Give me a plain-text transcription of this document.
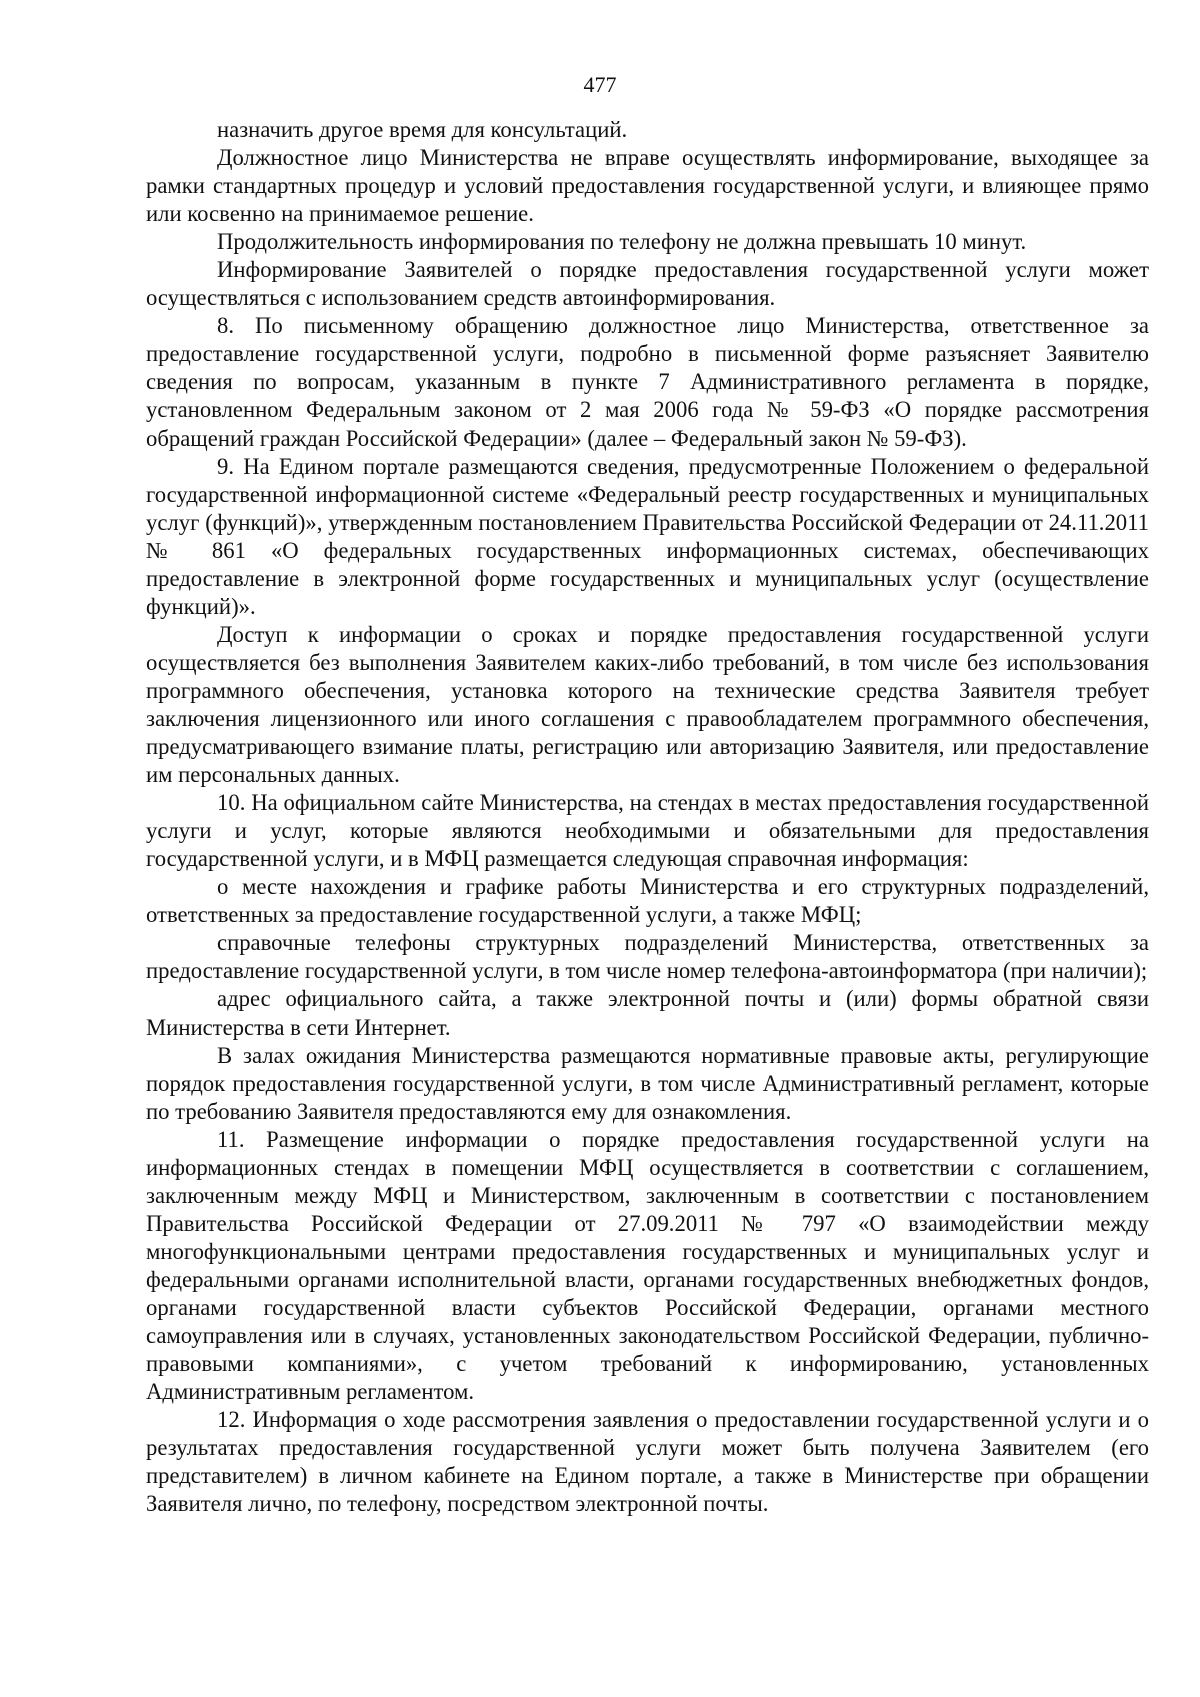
477

назначить другое время для консультаций.

Должностное лицо Министерства не вправе осуществлять информирование, выходящее за рамки стандартных процедур и условий предоставления государственной услуги, и влияющее прямо или косвенно на принимаемое решение.

Продолжительность информирования по телефону не должна превышать 10 минут.

Информирование Заявителей о порядке предоставления государственной услуги может осуществляться с использованием средств автоинформирования.

8. По письменному обращению должностное лицо Министерства, ответственное за предоставление государственной услуги, подробно в письменной форме разъясняет Заявителю сведения по вопросам, указанным в пункте 7 Административного регламента в порядке, установленном Федеральным законом от 2 мая 2006 года № 59-ФЗ «О порядке рассмотрения обращений граждан Российской Федерации» (далее – Федеральный закон № 59-ФЗ).

9. На Едином портале размещаются сведения, предусмотренные Положением о федеральной государственной информационной системе «Федеральный реестр государственных и муниципальных услуг (функций)», утвержденным постановлением Правительства Российской Федерации от 24.11.2011 № 861 «О федеральных государственных информационных системах, обеспечивающих предоставление в электронной форме государственных и муниципальных услуг (осуществление функций)».

Доступ к информации о сроках и порядке предоставления государственной услуги осуществляется без выполнения Заявителем каких-либо требований, в том числе без использования программного обеспечения, установка которого на технические средства Заявителя требует заключения лицензионного или иного соглашения с правообладателем программного обеспечения, предусматривающего взимание платы, регистрацию или авторизацию Заявителя, или предоставление им персональных данных.

10. На официальном сайте Министерства, на стендах в местах предоставления государственной услуги и услуг, которые являются необходимыми и обязательными для предоставления государственной услуги, и в МФЦ размещается следующая справочная информация:

о месте нахождения и графике работы Министерства и его структурных подразделений, ответственных за предоставление государственной услуги, а также МФЦ;

справочные телефоны структурных подразделений Министерства, ответственных за предоставление государственной услуги, в том числе номер телефона-автоинформатора (при наличии);

адрес официального сайта, а также электронной почты и (или) формы обратной связи Министерства в сети Интернет.

В залах ожидания Министерства размещаются нормативные правовые акты, регулирующие порядок предоставления государственной услуги, в том числе Административный регламент, которые по требованию Заявителя предоставляются ему для ознакомления.

11. Размещение информации о порядке предоставления государственной услуги на информационных стендах в помещении МФЦ осуществляется в соответствии с соглашением, заключенным между МФЦ и Министерством, заключенным в соответствии с постановлением Правительства Российской Федерации от 27.09.2011 № 797 «О взаимодействии между многофункциональными центрами предоставления государственных и муниципальных услуг и федеральными органами исполнительной власти, органами государственных внебюджетных фондов, органами государственной власти субъектов Российской Федерации, органами местного самоуправления или в случаях, установленных законодательством Российской Федерации, публично-правовыми компаниями», с учетом требований к информированию, установленных Административным регламентом.

12. Информация о ходе рассмотрения заявления о предоставлении государственной услуги и о результатах предоставления государственной услуги может быть получена Заявителем (его представителем) в личном кабинете на Едином портале, а также в Министерстве при обращении Заявителя лично, по телефону, посредством электронной почты.
